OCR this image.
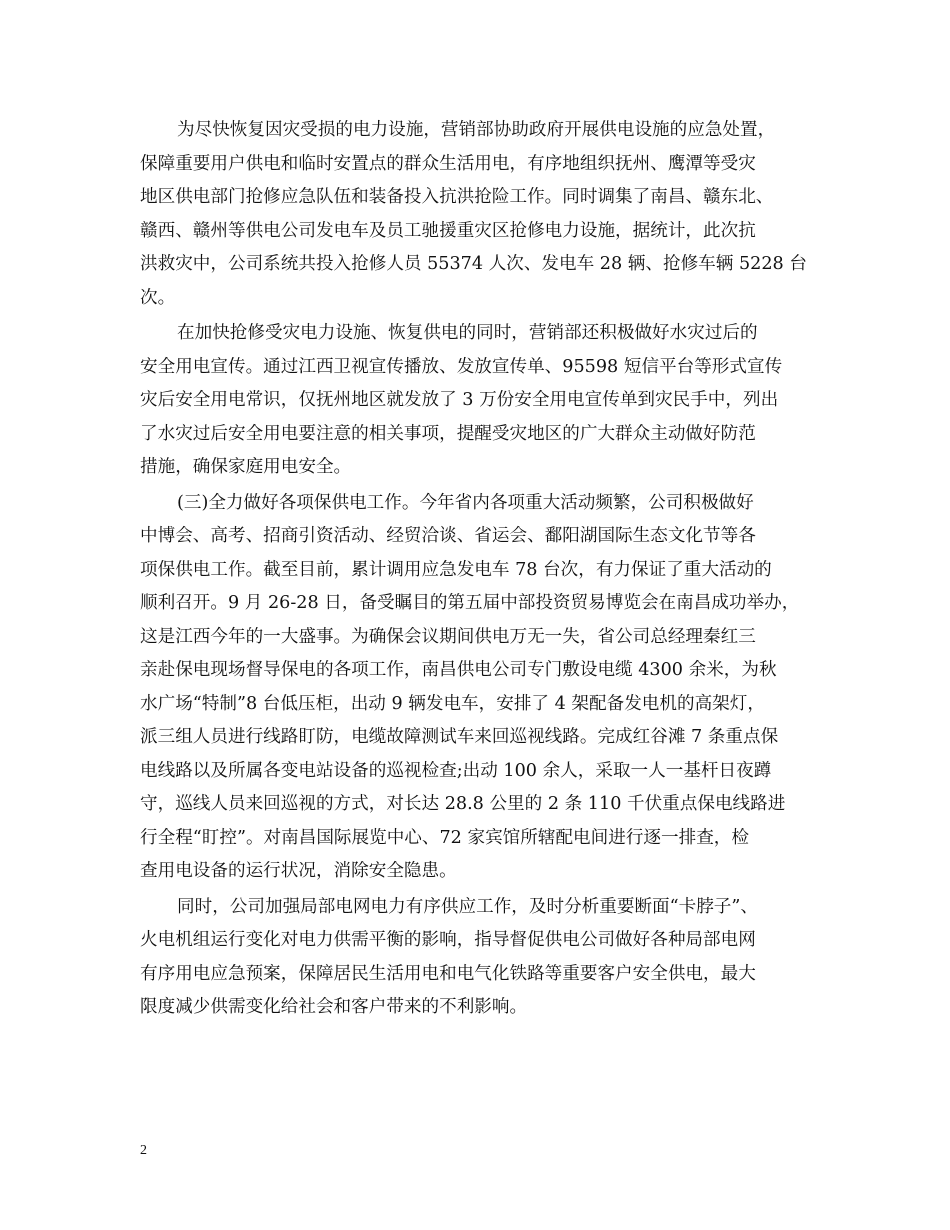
为尽快恢复因灾受损的电力设施，营销部协助政府开展供电设施的应急处置，
保障重要用户供电和临时安置点的群众生活用电，有序地组织抚州、鹰潭等受灾
地区供电部门抢修应急队伍和装备投入抗洪抢险工作。同时调集了南昌、赣东北、
赣西、赣州等供电公司发电车及员工驰援重灾区抢修电力设施，据统计，此次抗
洪救灾中，公司系统共投入抢修人员 55374 人次、发电车 28 辆、抢修车辆 5228 台
次。
在加快抢修受灾电力设施、恢复供电的同时，营销部还积极做好水灾过后的
安全用电宣传。通过江西卫视宣传播放、发放宣传单、95598 短信平台等形式宣传
灾后安全用电常识，仅抚州地区就发放了 3 万份安全用电宣传单到灾民手中，列出
了水灾过后安全用电要注意的相关事项，提醒受灾地区的广大群众主动做好防范
措施，确保家庭用电安全。
(三)全力做好各项保供电工作。今年省内各项重大活动频繁，公司积极做好
中博会、高考、招商引资活动、经贸洽谈、省运会、鄱阳湖国际生态文化节等各
项保供电工作。截至目前，累计调用应急发电车 78 台次，有力保证了重大活动的
顺利召开。9 月 26-28 日，备受瞩目的第五届中部投资贸易博览会在南昌成功举办，
这是江西今年的一大盛事。为确保会议期间供电万无一失，省公司总经理秦红三
亲赴保电现场督导保电的各项工作，南昌供电公司专门敷设电缆 4300 余米，为秋
水广场“特制”8 台低压柜，出动 9 辆发电车，安排了 4 架配备发电机的高架灯，
派三组人员进行线路盯防，电缆故障测试车来回巡视线路。完成红谷滩 7 条重点保
电线路以及所属各变电站设备的巡视检查;出动 100 余人，采取一人一基杆日夜蹲
守，巡线人员来回巡视的方式，对长达 28.8 公里的 2 条 110 千伏重点保电线路进
行全程“盯控”。对南昌国际展览中心、72 家宾馆所辖配电间进行逐一排查，检
查用电设备的运行状况，消除安全隐患。
同时，公司加强局部电网电力有序供应工作，及时分析重要断面“卡脖子”、
火电机组运行变化对电力供需平衡的影响，指导督促供电公司做好各种局部电网
有序用电应急预案，保障居民生活用电和电气化铁路等重要客户安全供电，最大
限度减少供需变化给社会和客户带来的不利影响。
2
